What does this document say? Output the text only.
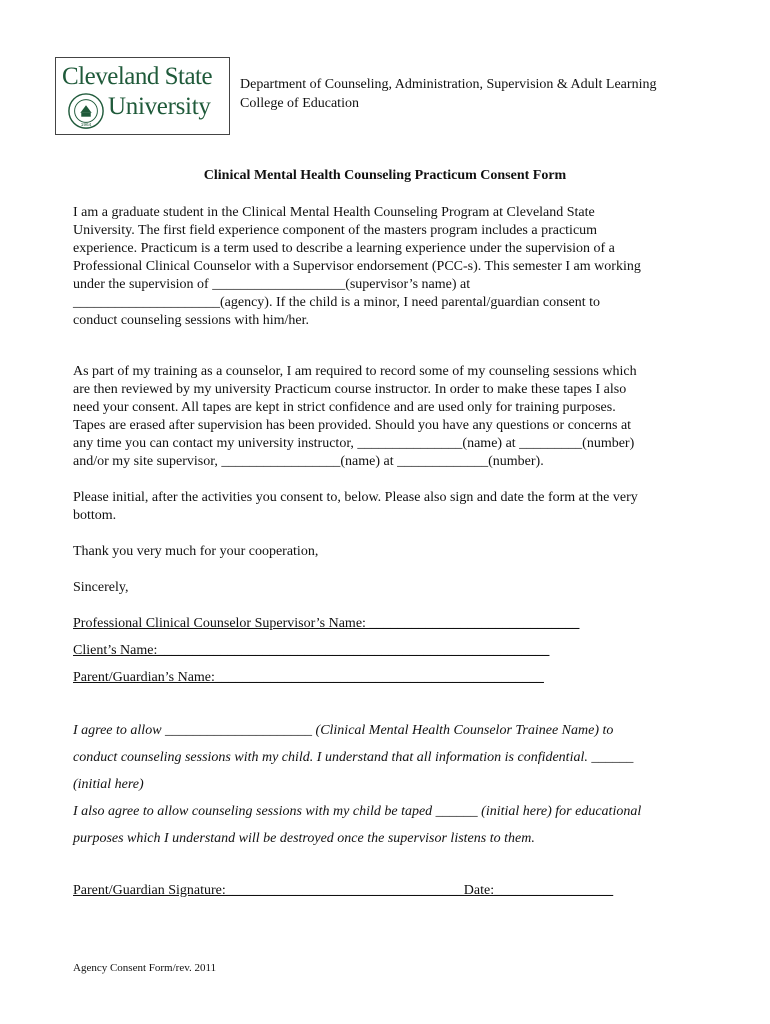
Cleveland State
1964
University
Department of Counseling, Administration, Supervision & Adult Learning
College of Education
Clinical Mental Health Counseling Practicum Consent Form
I am a graduate student in the Clinical Mental Health Counseling Program at Cleveland State
University. The first field experience component of the masters program includes a practicum
experience. Practicum is a term used to describe a learning experience under the supervision of a
Professional Clinical Counselor with a Supervisor endorsement (PCC-s). This semester I am working
under the supervision of ___________________(supervisor’s name) at
_____________________(agency). If the child is a minor, I need parental/guardian consent to
conduct counseling sessions with him/her.
As part of my training as a counselor, I am required to record some of my counseling sessions which
are then reviewed by my university Practicum course instructor. In order to make these tapes I also
need your consent. All tapes are kept in strict confidence and are used only for training purposes.
Tapes are erased after supervision has been provided. Should you have any questions or concerns at
any time you can contact my university instructor, _______________(name) at _________(number)
and/or my site supervisor, _________________(name) at _____________(number).
Please initial, after the activities you consent to, below. Please also sign and date the form at the very
bottom.
Thank you very much for your cooperation,
Sincerely,
Professional Clinical Counselor Supervisor’s Name: ______________________________
Client’s Name:________________________________________________________
Parent/Guardian’s Name:_______________________________________________
I agree to allow _____________________ (Clinical Mental Health Counselor Trainee Name) to
conduct counseling sessions with my child. I understand that all information is confidential. ______
(initial here)
I also agree to allow counseling sessions with my child be taped ______ (initial here) for educational
purposes which I understand will be destroyed once the supervisor listens to them.
Parent/Guardian Signature:__________________________________Date:_________________
Agency Consent Form/rev. 2011
